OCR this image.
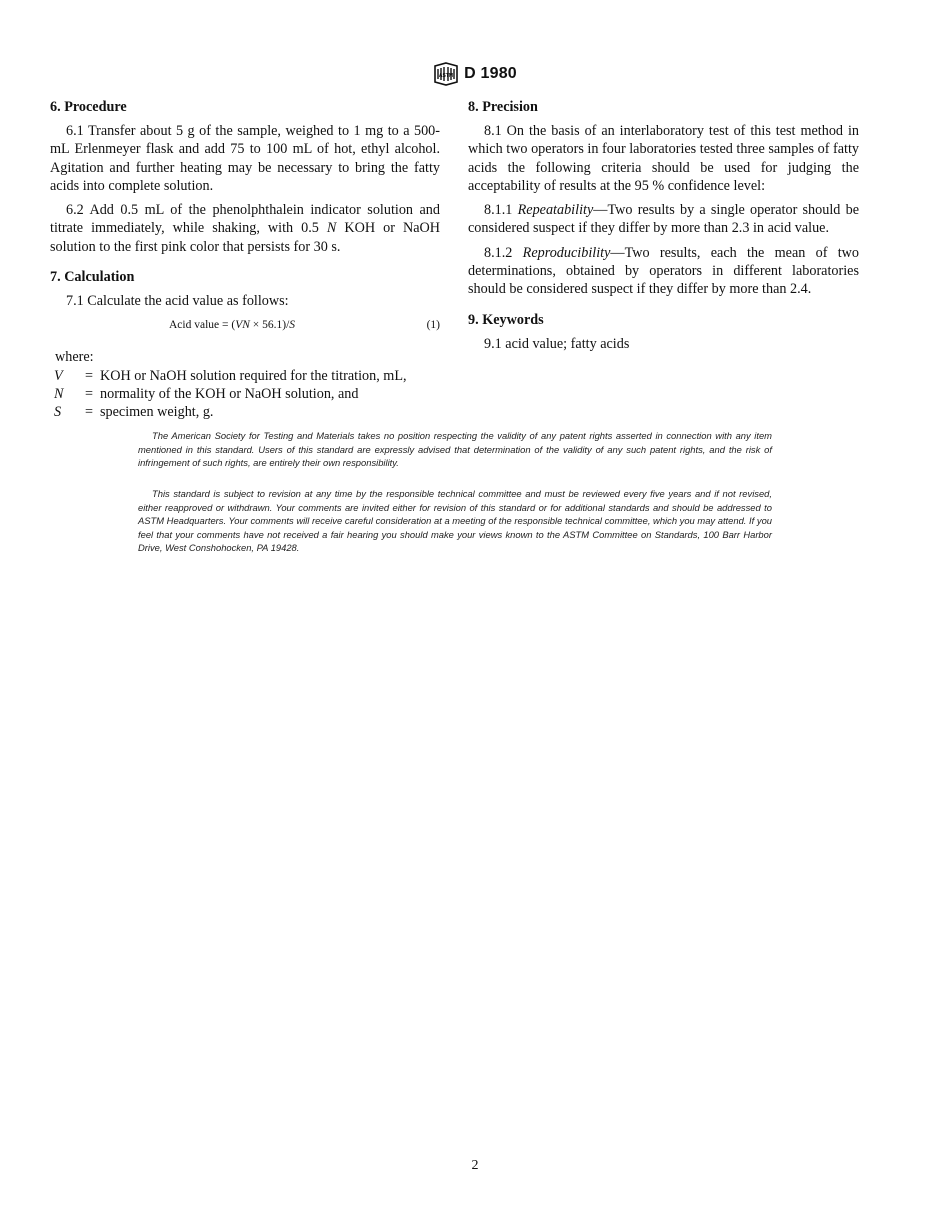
ASTM D 1980
6. Procedure

6.1 Transfer about 5 g of the sample, weighed to 1 mg to a 500-mL Erlenmeyer flask and add 75 to 100 mL of hot, ethyl alcohol. Agitation and further heating may be necessary to bring the fatty acids into complete solution.

6.2 Add 0.5 mL of the phenolphthalein indicator solution and titrate immediately, while shaking, with 0.5 N KOH or NaOH solution to the first pink color that persists for 30 s.

7. Calculation

7.1 Calculate the acid value as follows:

Acid value = (VN × 56.1)/S	(1)

where:

V	= KOH or NaOH solution required for the titration, mL,
N	= normality of the KOH or NaOH solution, and
S	= specimen weight, g.
8. Precision

8.1 On the basis of an interlaboratory test of this test method in which two operators in four laboratories tested three samples of fatty acids the following criteria should be used for judging the acceptability of results at the 95 % confidence level:

8.1.1 Repeatability—Two results by a single operator should be considered suspect if they differ by more than 2.3 in acid value.

8.1.2 Reproducibility—Two results, each the mean of two determinations, obtained by operators in different laboratories should be considered suspect if they differ by more than 2.4.

9. Keywords

9.1 acid value; fatty acids

The American Society for Testing and Materials takes no position respecting the validity of any patent rights asserted in connection with any item mentioned in this standard. Users of this standard are expressly advised that determination of the validity of any such patent rights, and the risk of infringement of such rights, are entirely their own responsibility.

This standard is subject to revision at any time by the responsible technical committee and must be reviewed every five years and if not revised, either reapproved or withdrawn. Your comments are invited either for revision of this standard or for additional standards and should be addressed to ASTM Headquarters. Your comments will receive careful consideration at a meeting of the responsible technical committee, which you may attend. If you feel that your comments have not received a fair hearing you should make your views known to the ASTM Committee on Standards, 100 Barr Harbor Drive, West Conshohocken, PA 19428.

2
